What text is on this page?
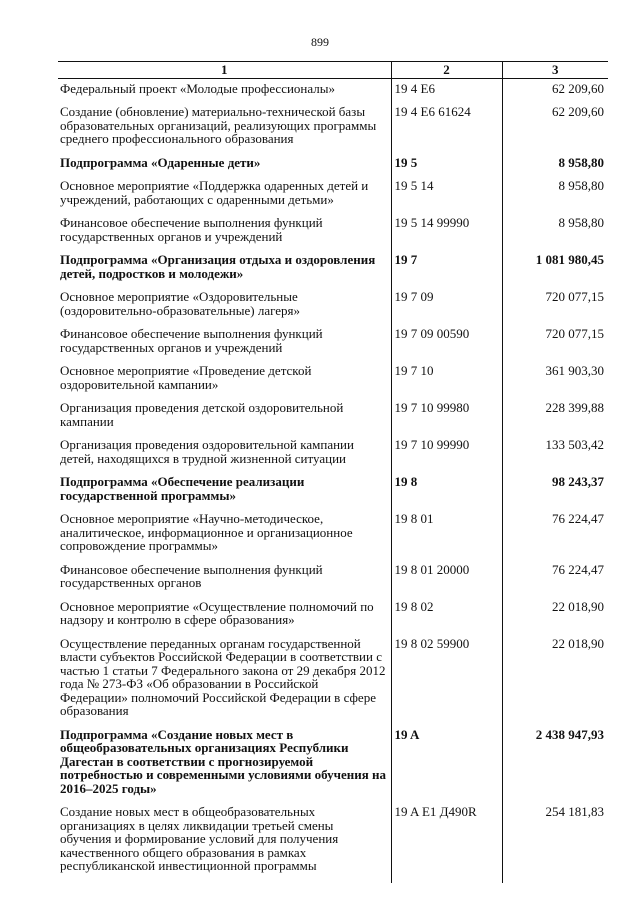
899
1	2	3
Федеральный проект «Молодые профессионалы»	19 4 E6	62 209,60
Создание (обновление) материально-технической базы образовательных организаций, реализующих программы среднего профессионального образования	19 4 E6 61624	62 209,60
Подпрограмма «Одаренные дети»	19 5	8 958,80
Основное мероприятие «Поддержка одаренных детей и учреждений, работающих с одаренными детьми»	19 5 14	8 958,80
Финансовое обеспечение выполнения функций государственных органов и учреждений	19 5 14 99990	8 958,80
Подпрограмма «Организация отдыха и оздоровления детей, подростков и молодежи»	19 7	1 081 980,45
Основное мероприятие «Оздоровительные (оздоровительно-образовательные) лагеря»	19 7 09	720 077,15
Финансовое обеспечение выполнения функций государственных органов и учреждений	19 7 09 00590	720 077,15
Основное мероприятие «Проведение детской оздоровительной кампании»	19 7 10	361 903,30
Организация проведения детской оздоровительной кампании	19 7 10 99980	228 399,88
Организация проведения оздоровительной кампании детей, находящихся в трудной жизненной ситуации	19 7 10 99990	133 503,42
Подпрограмма «Обеспечение реализации государственной программы»	19 8	98 243,37
Основное мероприятие «Научно-методическое, аналитическое, информационное и организационное сопровождение программы»	19 8 01	76 224,47
Финансовое обеспечение выполнения функций государственных органов	19 8 01 20000	76 224,47
Основное мероприятие «Осуществление полномочий по надзору и контролю в сфере образования»	19 8 02	22 018,90
Осуществление переданных органам государственной власти субъектов Российской Федерации в соответствии с частью 1 статьи 7 Федерального закона от 29 декабря 2012 года № 273-ФЗ «Об образовании в Российской Федерации» полномочий Российской Федерации в сфере образования	19 8 02 59900	22 018,90
Подпрограмма «Создание новых мест в общеобразовательных организациях Республики Дагестан в соответствии с прогнозируемой потребностью и современными условиями обучения на 2016–2025 годы»	19 A	2 438 947,93
Создание новых мест в общеобразовательных организациях в целях ликвидации третьей смены обучения и формирование условий для получения качественного общего образования в рамках республиканской инвестиционной программы	19 A E1 Д490R	254 181,83
